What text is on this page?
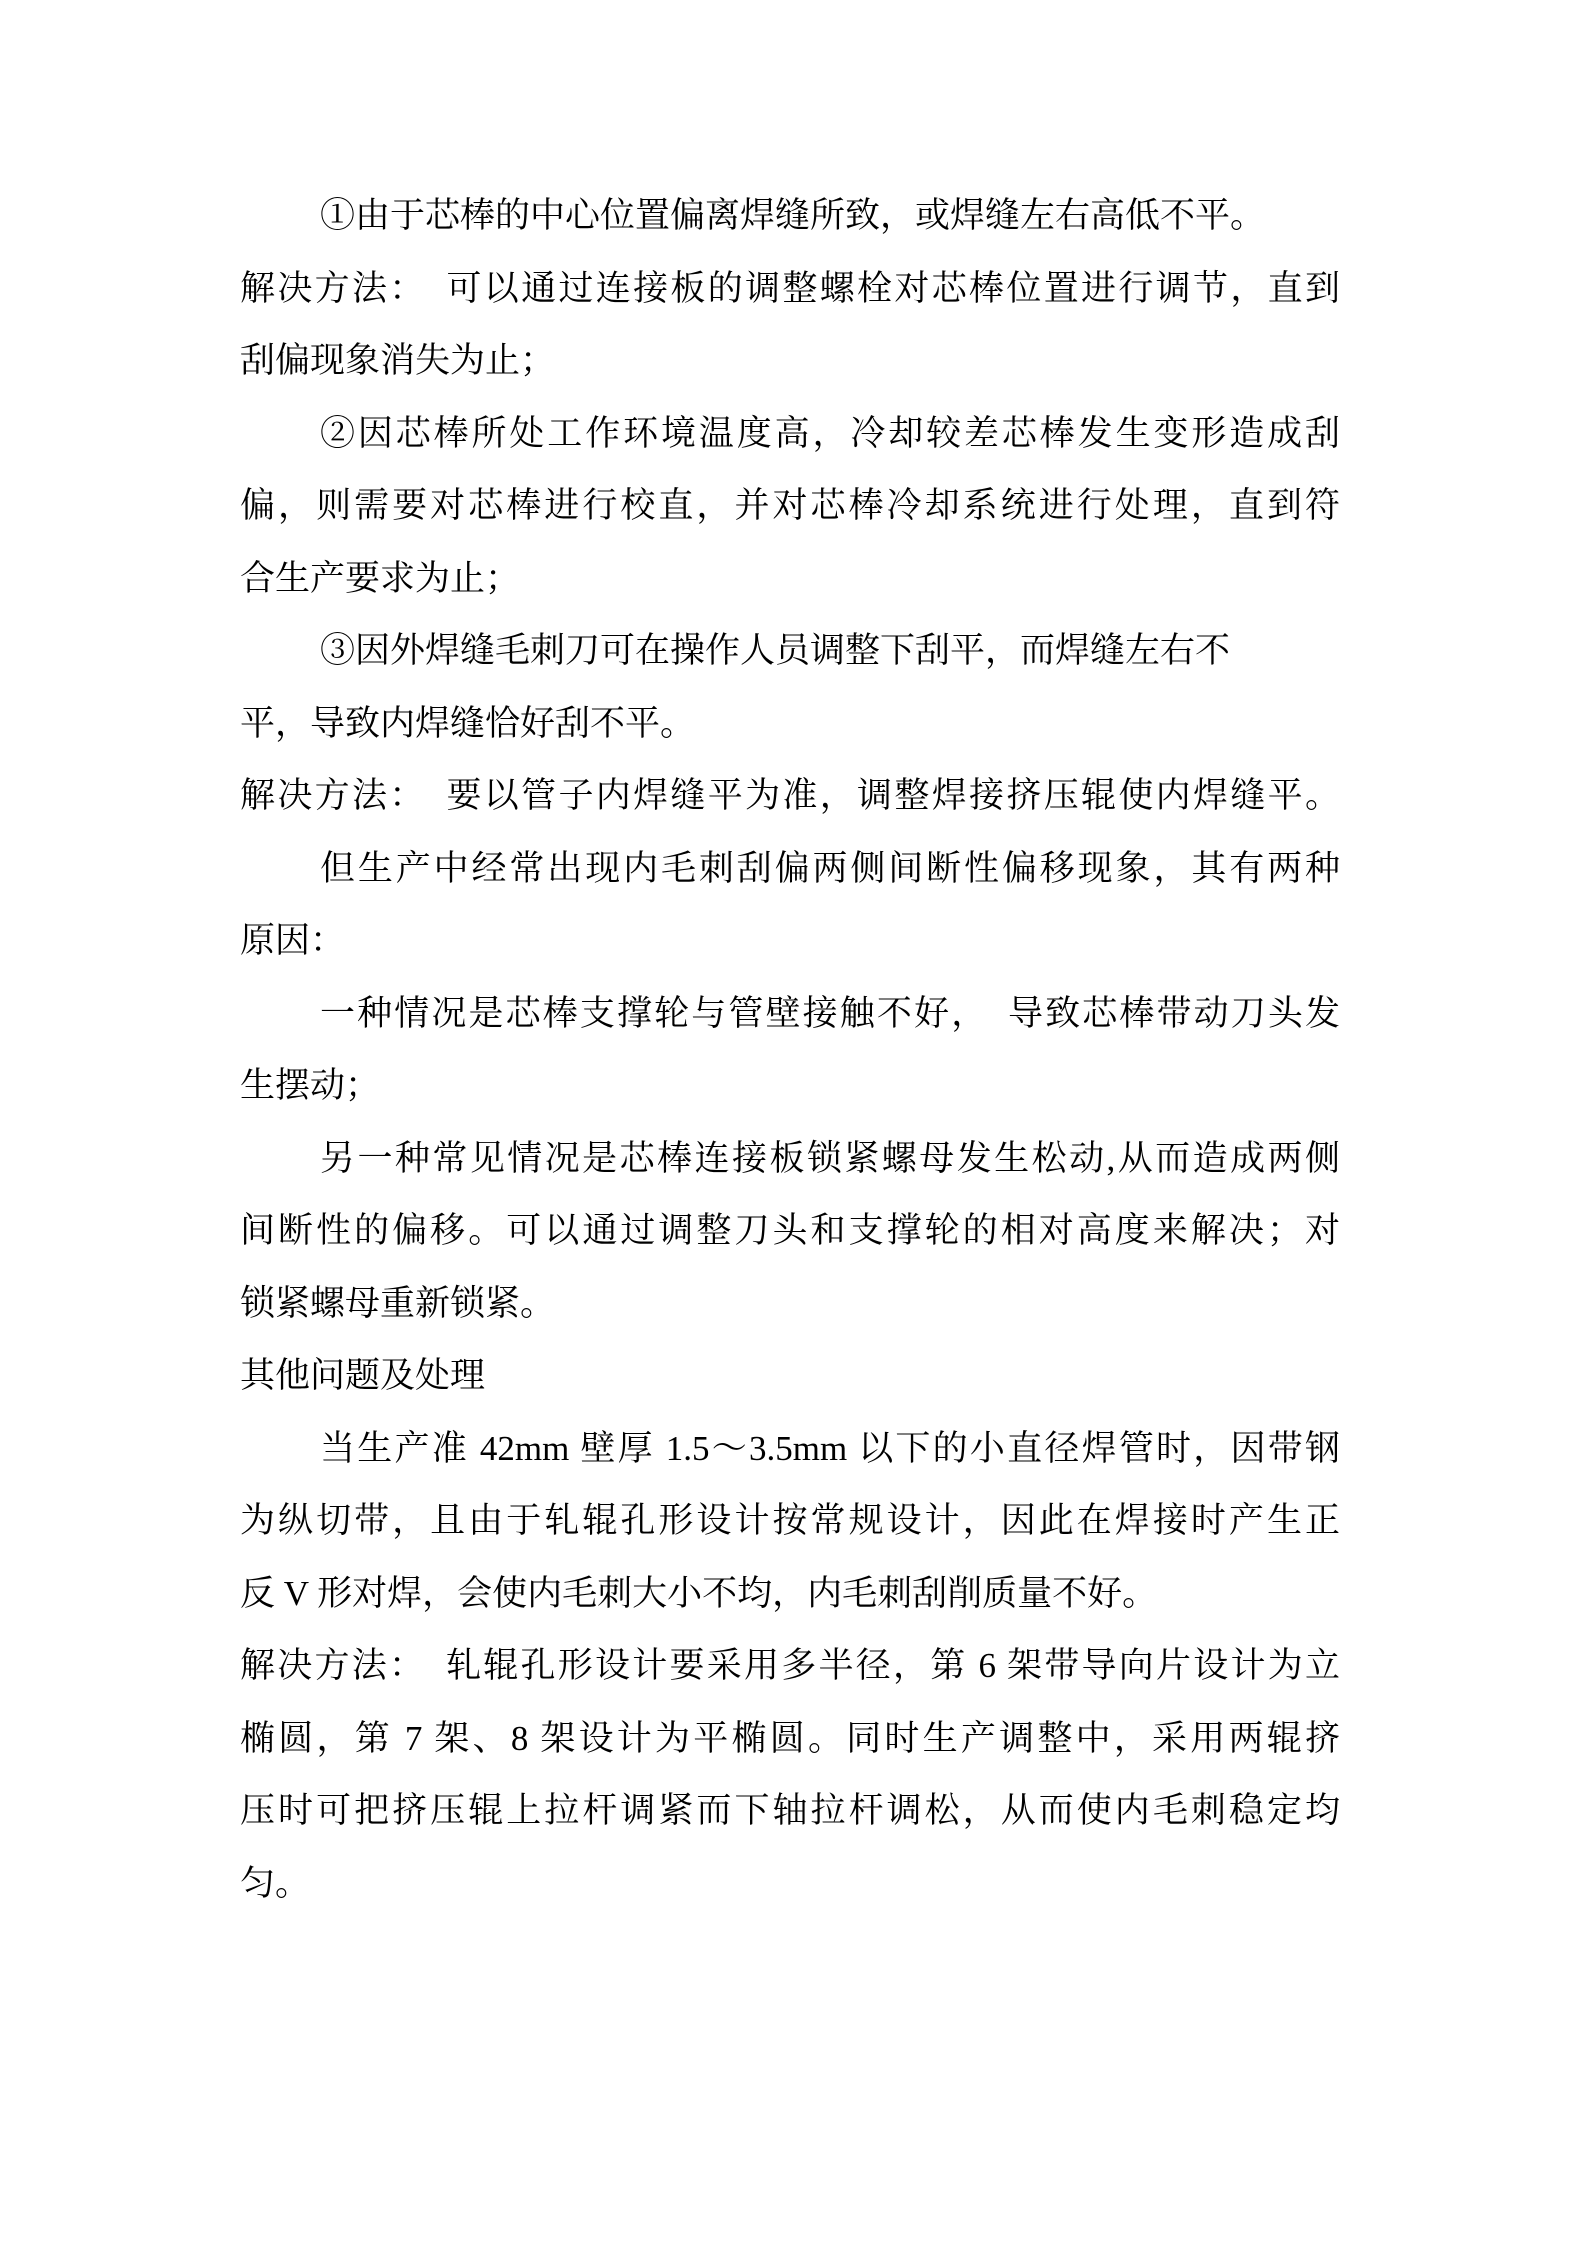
①由于芯棒的中心位置偏离焊缝所致，或焊缝左右高低不平。
解决方法：　可以通过连接板的调整螺栓对芯棒位置进行调节，直到
刮偏现象消失为止；
②因芯棒所处工作环境温度高，冷却较差芯棒发生变形造成刮
偏，则需要对芯棒进行校直，并对芯棒冷却系统进行处理，直到符
合生产要求为止；
③因外焊缝毛刺刀可在操作人员调整下刮平，而焊缝左右不
平，导致内焊缝恰好刮不平。
解决方法：　要以管子内焊缝平为准，调整焊接挤压辊使内焊缝平。
但生产中经常出现内毛刺刮偏两侧间断性偏移现象，其有两种
原因：
一种情况是芯棒支撑轮与管壁接触不好，　导致芯棒带动刀头发
生摆动；
另一种常见情况是芯棒连接板锁紧螺母发生松动,从而造成两侧
间断性的偏移。可以通过调整刀头和支撑轮的相对高度来解决；对
锁紧螺母重新锁紧。
其他问题及处理
当生产准 42mm 壁厚 1.5～3.5mm 以下的小直径焊管时，因带钢
为纵切带，且由于轧辊孔形设计按常规设计，因此在焊接时产生正
反 V 形对焊，会使内毛刺大小不均，内毛刺刮削质量不好。
解决方法：　轧辊孔形设计要采用多半径，第 6 架带导向片设计为立
椭圆，第 7 架、8 架设计为平椭圆。同时生产调整中，采用两辊挤
压时可把挤压辊上拉杆调紧而下轴拉杆调松，从而使内毛刺稳定均
匀。
